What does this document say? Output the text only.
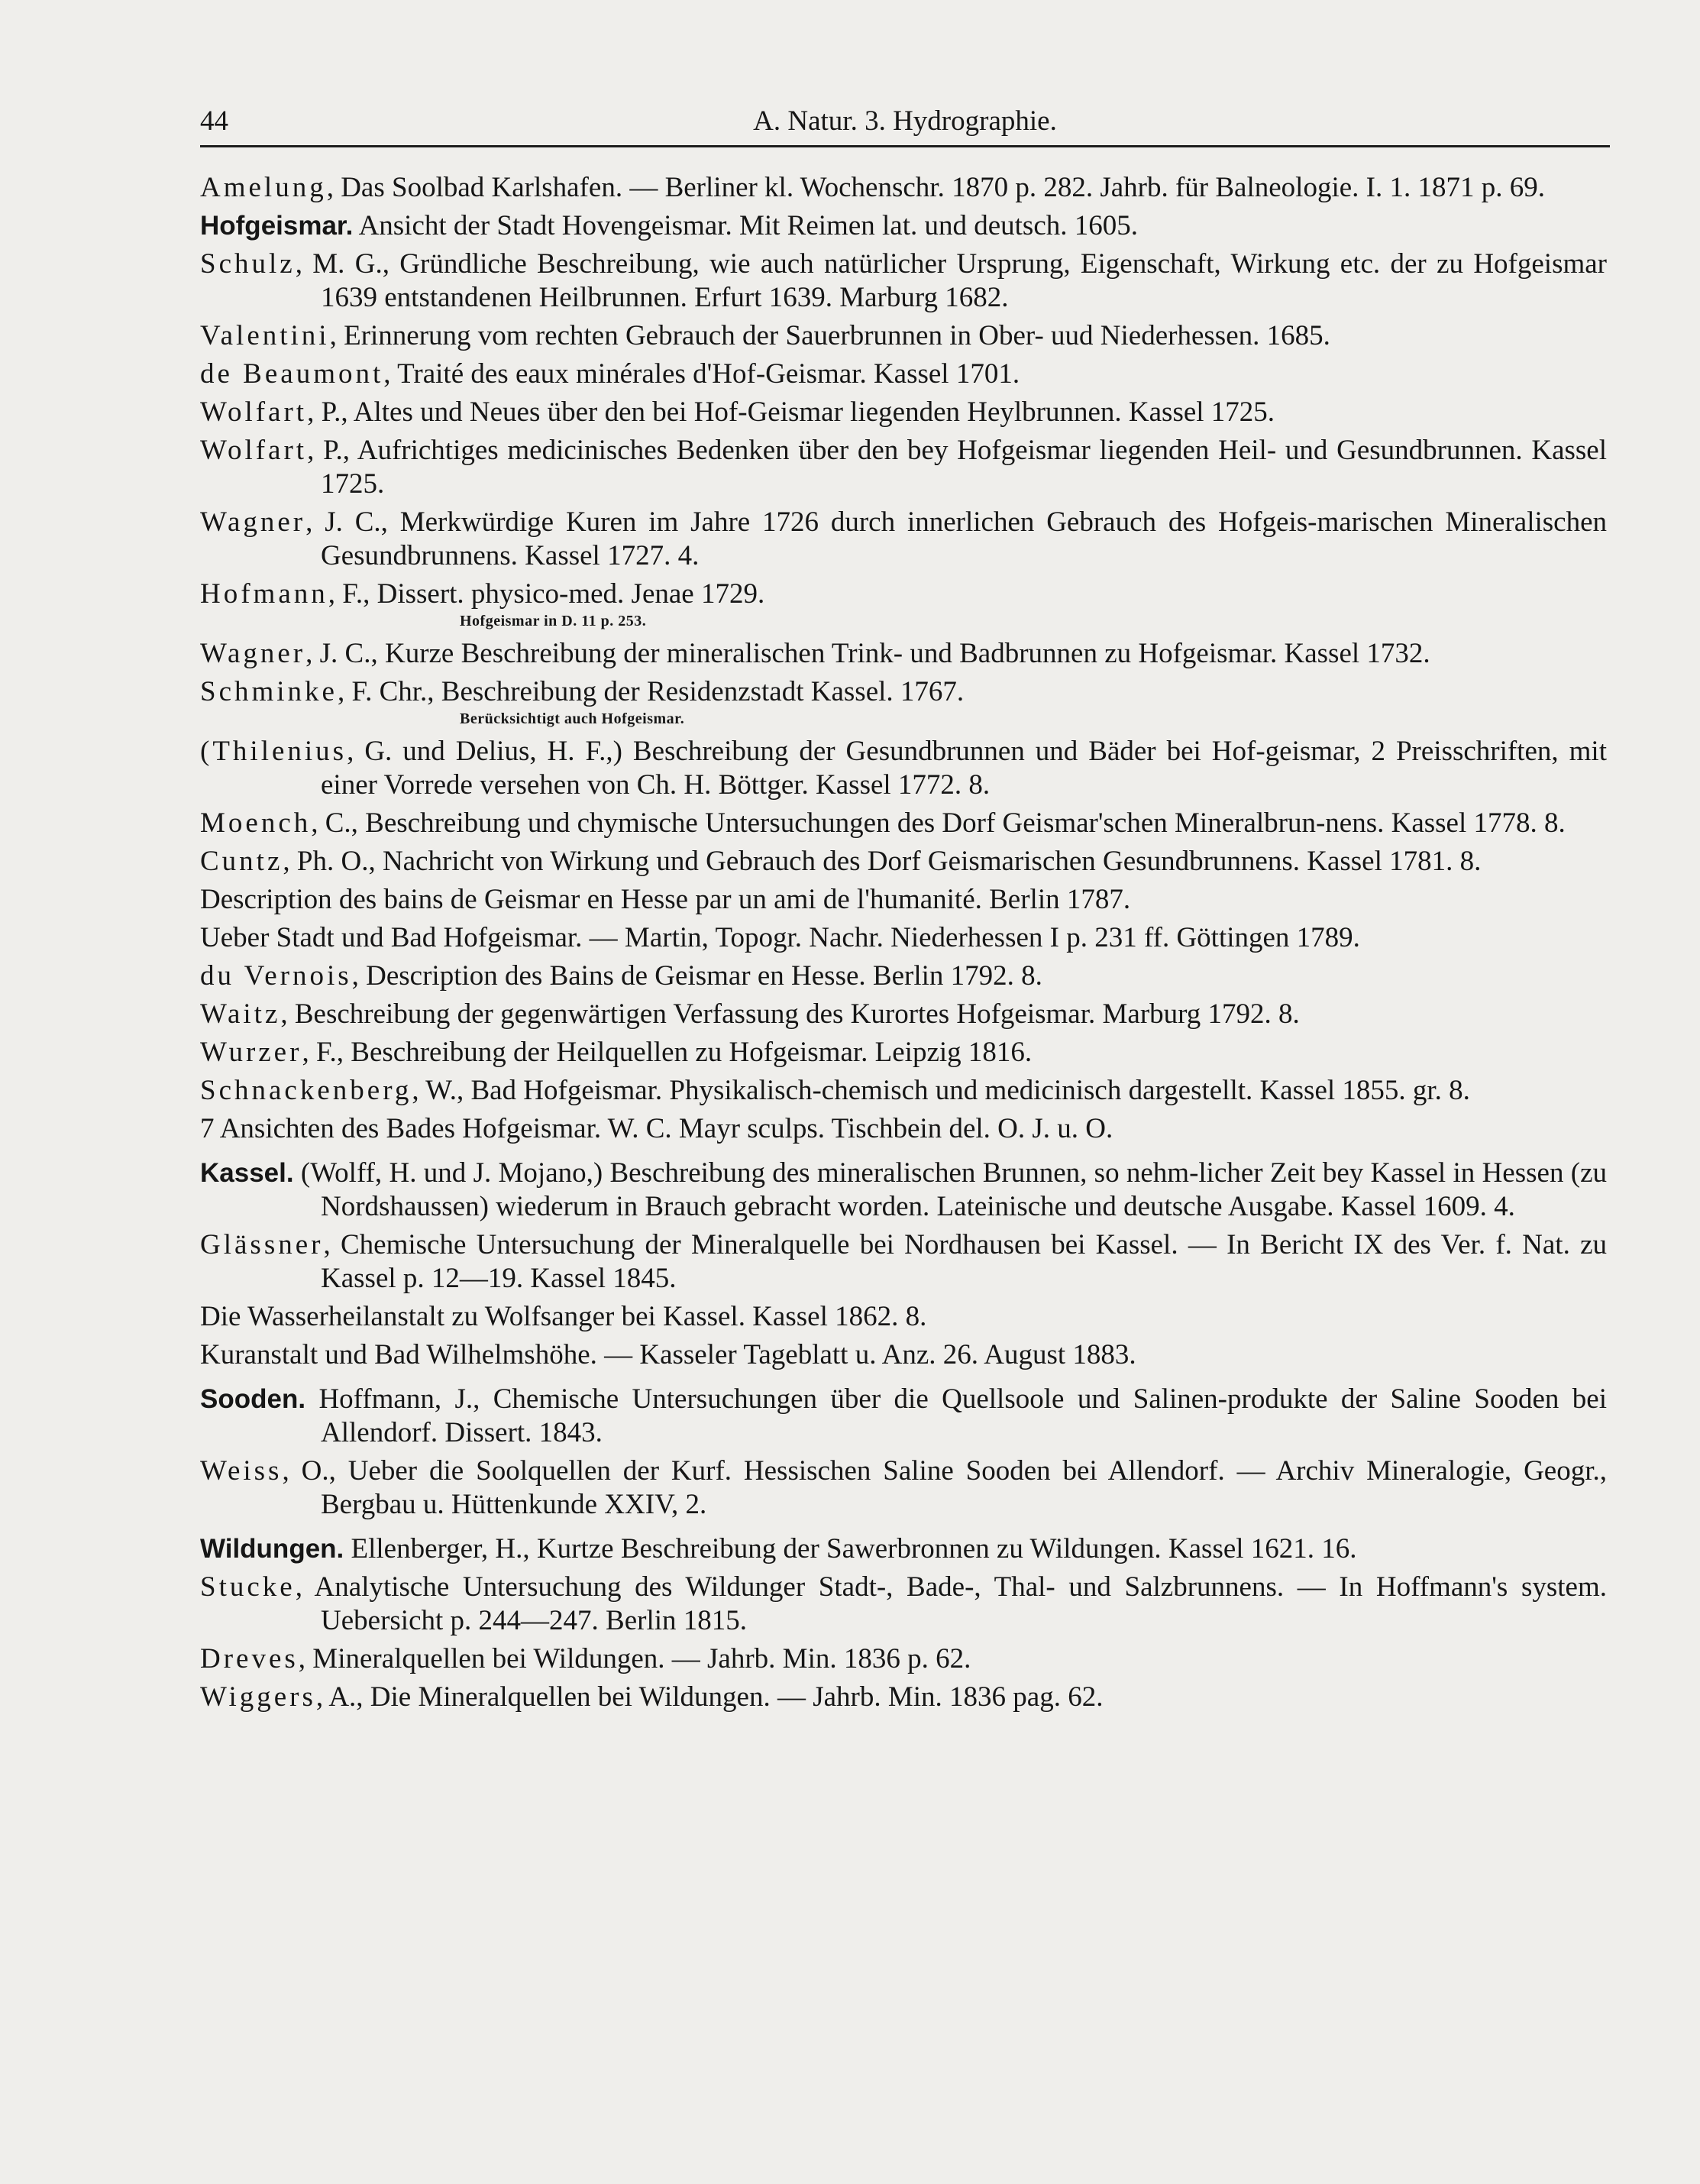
44	A. Natur. 3. Hydrographie.
Amelung, Das Soolbad Karlshafen. — Berliner kl. Wochenschr. 1870 p. 282. Jahrb. für Balneologie. I. 1. 1871 p. 69.
Hofgeismar. Ansicht der Stadt Hovengeismar. Mit Reimen lat. und deutsch. 1605.
Schulz, M. G., Gründliche Beschreibung, wie auch natürlicher Ursprung, Eigenschaft, Wirkung etc. der zu Hofgeismar 1639 entstandenen Heilbrunnen. Erfurt 1639. Marburg 1682.
Valentini, Erinnerung vom rechten Gebrauch der Sauerbrunnen in Ober- uud Niederhessen. 1685.
de Beaumont, Traité des eaux minérales d'Hof-Geismar. Kassel 1701.
Wolfart, P., Altes und Neues über den bei Hof-Geismar liegenden Heylbrunnen. Kassel 1725.
Wolfart, P., Aufrichtiges medicinisches Bedenken über den bey Hofgeismar liegenden Heil- und Gesundbrunnen. Kassel 1725.
Wagner, J. C., Merkwürdige Kuren im Jahre 1726 durch innerlichen Gebrauch des Hofgeis-marischen Mineralischen Gesundbrunnens. Kassel 1727. 4.
Hofmann, F., Dissert. physico-med. Jenae 1729.
Hofgeismar in D. 11 p. 253.
Wagner, J. C., Kurze Beschreibung der mineralischen Trink- und Badbrunnen zu Hofgeismar. Kassel 1732.
Schminke, F. Chr., Beschreibung der Residenzstadt Kassel. 1767.
Berücksichtigt auch Hofgeismar.
(Thilenius, G. und Delius, H. F.,) Beschreibung der Gesundbrunnen und Bäder bei Hof-geismar, 2 Preisschriften, mit einer Vorrede versehen von Ch. H. Böttger. Kassel 1772. 8.
Moench, C., Beschreibung und chymische Untersuchungen des Dorf Geismar'schen Mineralbrun-nens. Kassel 1778. 8.
Cuntz, Ph. O., Nachricht von Wirkung und Gebrauch des Dorf Geismarischen Gesundbrunnens. Kassel 1781. 8.
Description des bains de Geismar en Hesse par un ami de l'humanité. Berlin 1787.
Ueber Stadt und Bad Hofgeismar. — Martin, Topogr. Nachr. Niederhessen I p. 231 ff. Göttingen 1789.
du Vernois, Description des Bains de Geismar en Hesse. Berlin 1792. 8.
Waitz, Beschreibung der gegenwärtigen Verfassung des Kurortes Hofgeismar. Marburg 1792. 8.
Wurzer, F., Beschreibung der Heilquellen zu Hofgeismar. Leipzig 1816.
Schnackenberg, W., Bad Hofgeismar. Physikalisch-chemisch und medicinisch dargestellt. Kassel 1855. gr. 8.
7 Ansichten des Bades Hofgeismar. W. C. Mayr sculps. Tischbein del. O. J. u. O.
Kassel. (Wolff, H. und J. Mojano,) Beschreibung des mineralischen Brunnen, so nehm-licher Zeit bey Kassel in Hessen (zu Nordshaussen) wiederum in Brauch gebracht worden. Lateinische und deutsche Ausgabe. Kassel 1609. 4.
Glässner, Chemische Untersuchung der Mineralquelle bei Nordhausen bei Kassel. — In Bericht IX des Ver. f. Nat. zu Kassel p. 12—19. Kassel 1845.
Die Wasserheilanstalt zu Wolfsanger bei Kassel. Kassel 1862. 8.
Kuranstalt und Bad Wilhelmshöhe. — Kasseler Tageblatt u. Anz. 26. August 1883.
Sooden. Hoffmann, J., Chemische Untersuchungen über die Quellsoole und Salinen-produkte der Saline Sooden bei Allendorf. Dissert. 1843.
Weiss, O., Ueber die Soolquellen der Kurf. Hessischen Saline Sooden bei Allendorf. — Archiv Mineralogie, Geogr., Bergbau u. Hüttenkunde XXIV, 2.
Wildungen. Ellenberger, H., Kurtze Beschreibung der Sawerbronnen zu Wildungen. Kassel 1621. 16.
Stucke, Analytische Untersuchung des Wildunger Stadt-, Bade-, Thal- und Salzbrunnens. — In Hoffmann's system. Uebersicht p. 244—247. Berlin 1815.
Dreves, Mineralquellen bei Wildungen. — Jahrb. Min. 1836 p. 62.
Wiggers, A., Die Mineralquellen bei Wildungen. — Jahrb. Min. 1836 pag. 62.
